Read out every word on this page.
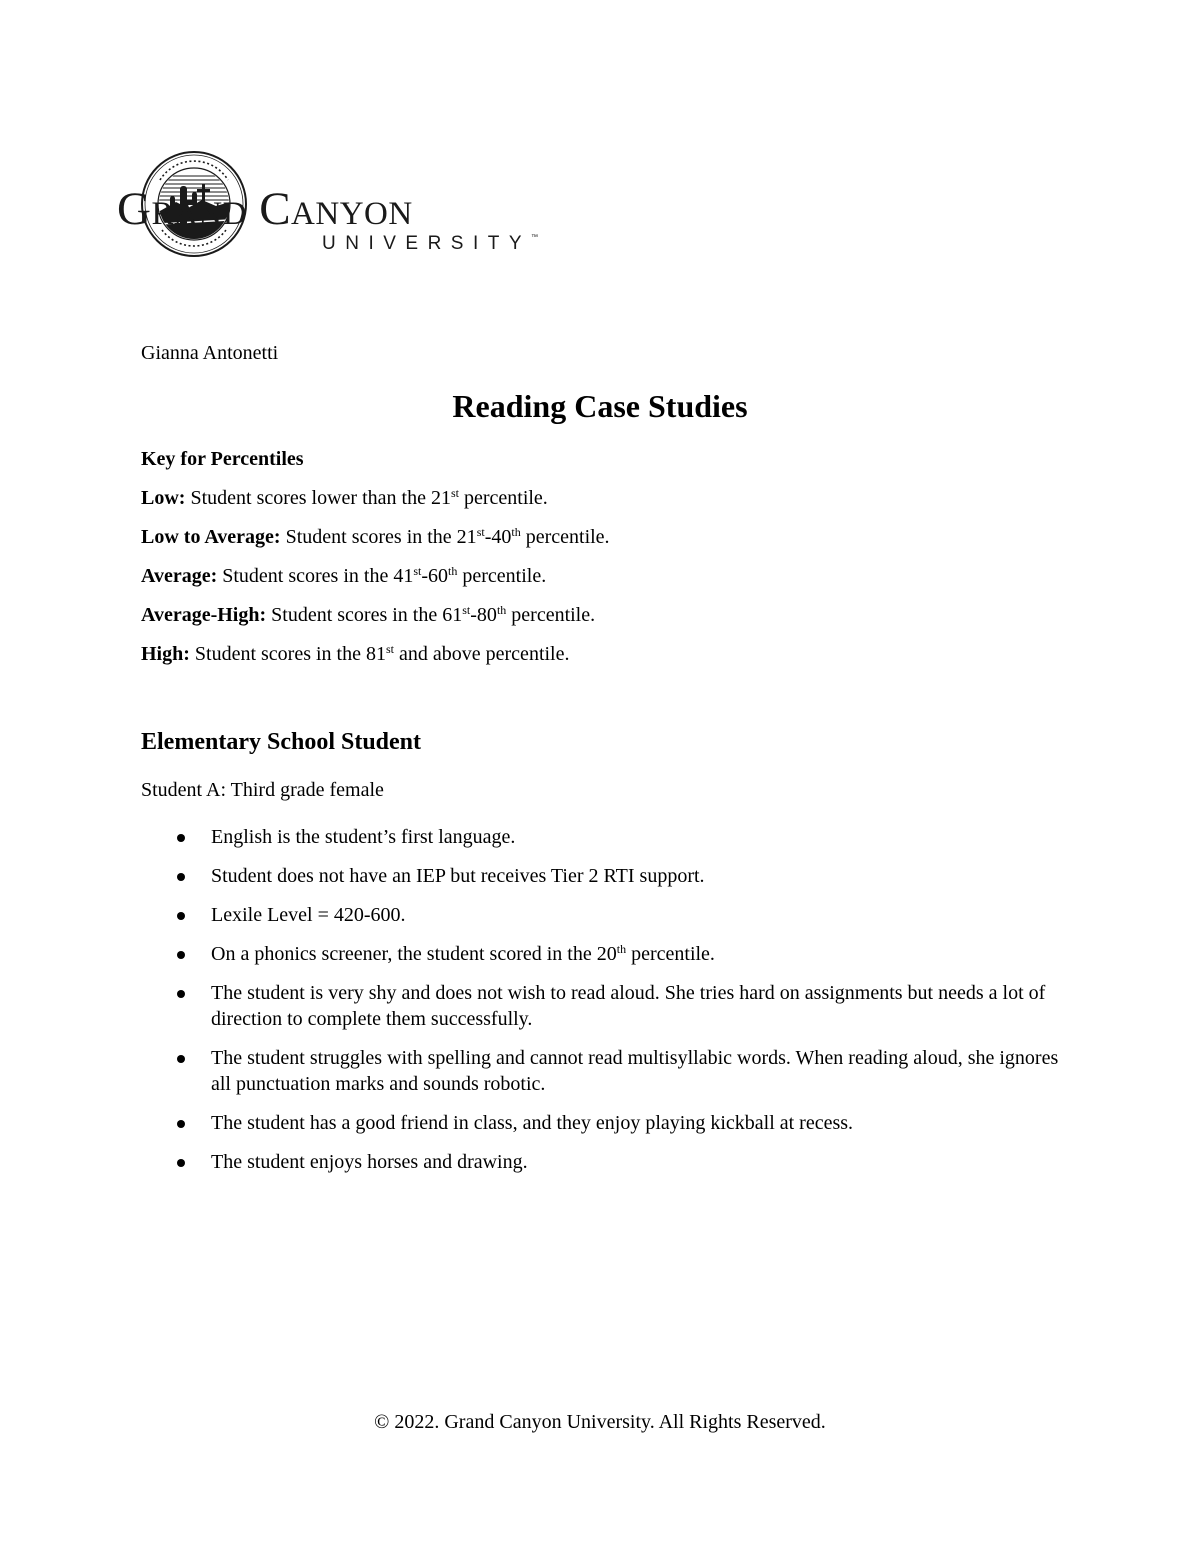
Grand Canyon
UNIVERSITY™
Gianna Antonetti
Reading Case Studies
Key for Percentiles
Low: Student scores lower than the 21st percentile.
Low to Average: Student scores in the 21st-40th percentile.
Average: Student scores in the 41st-60th percentile.
Average-High: Student scores in the 61st-80th percentile.
High: Student scores in the 81st and above percentile.
Elementary School Student
Student A: Third grade female
English is the student’s first language.
Student does not have an IEP but receives Tier 2 RTI support.
Lexile Level = 420-600.
On a phonics screener, the student scored in the 20th percentile.
The student is very shy and does not wish to read aloud. She tries hard on assignments but needs a lot of direction to complete them successfully.
The student struggles with spelling and cannot read multisyllabic words. When reading aloud, she ignores all punctuation marks and sounds robotic.
The student has a good friend in class, and they enjoy playing kickball at recess.
The student enjoys horses and drawing.
© 2022. Grand Canyon University. All Rights Reserved.
